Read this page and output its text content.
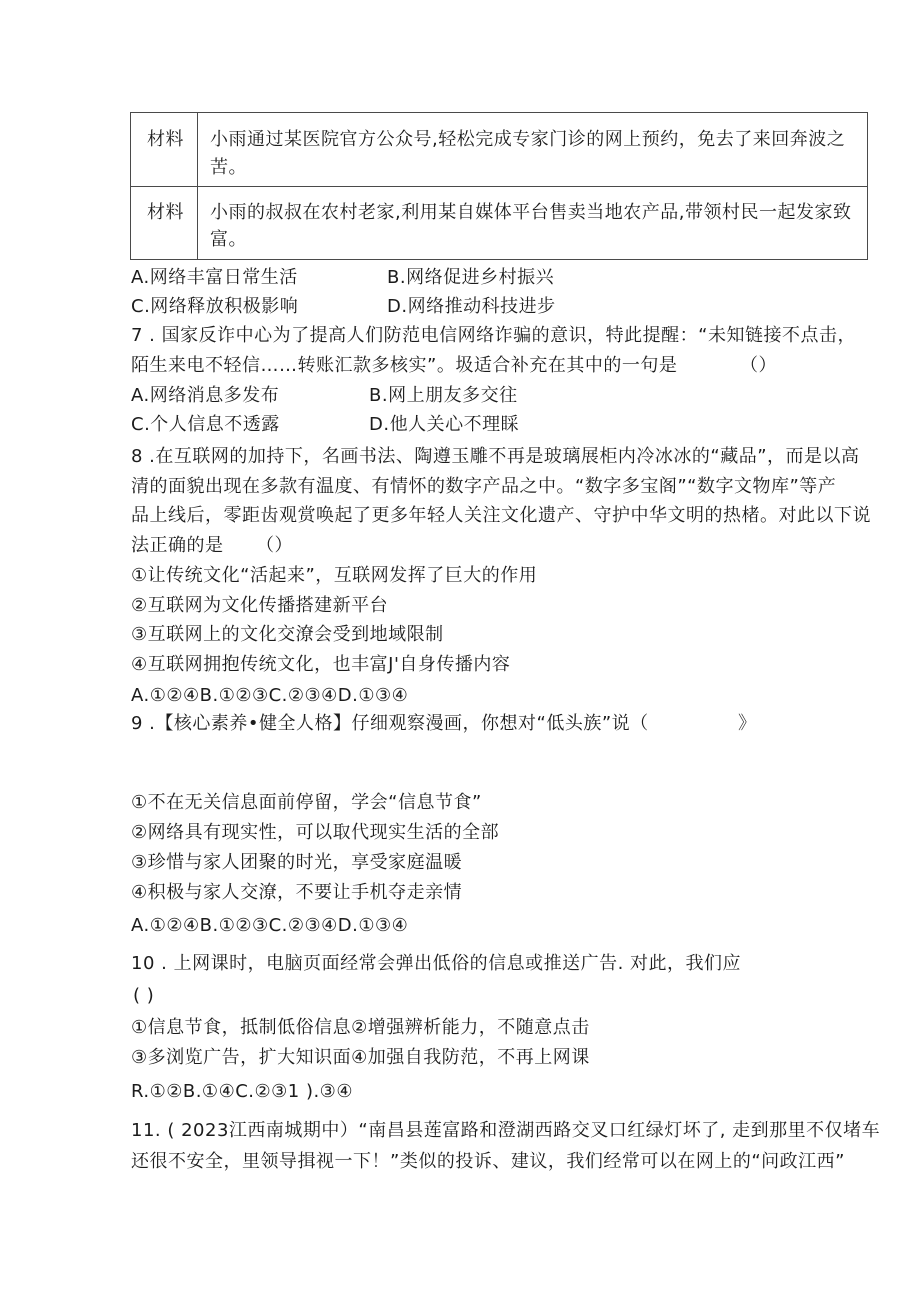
材料 小雨通过某医院官方公众号,轻松完成专家门诊的网上预约，免去了来回奔波之
苦。
材料 小雨的叔叔在农村老家,利用某自媒体平台售卖当地农产品,带领村民一起发家致
富。
A.网络丰富日常生活	B.网络促进乡村振兴
C.网络释放积极影响	D.网络推动科技进步
7 . 国家反诈中心为了提高人们防范电信网络诈骗的意识，特此提醒：“未知链接不点击，
陌生来电不轻信……转账汇款多核实”。圾适合补充在其中的一句是	（）
A.网络消息多发布	B.网上朋友多交往
C.个人信息不透露	D.他人关心不理睬
8 .在互联网的加持下，名画书法、陶遵玉雕不再是玻璃展柜内冷冰冰的“藏品”，而是以高
清的面貌出现在多款有温度、有情怀的数字产品之中。“数字多宝阁”“数字文物库”等产
品上线后，零距齿观赏唤起了更多年轻人关注文化遗产、守护中华文明的热楮。对此以下说
法正确的是 （）
①让传统文化“活起来”，互联网发挥了巨大的作用
②互联网为文化传播搭建新平台
③互联网上的文化交潦会受到地域限制
④互联网拥抱传统文化，也丰富J'自身传播内容
A.①②④B.①②③C.②③④D.①③④
9 .【核心素养•健全人格】仔细观察漫画，你想对“低头族”说（	》
①不在无关信息面前停留，学会“信息节食”
②网络具有现实性，可以取代现实生活的全部
③珍惜与家人团聚的时光，享受家庭温暖
④积极与家人交潦，不要让手机夺走亲情
A.①②④B.①②③C.②③④D.①③④
10 . 上网课时，电脑页面经常会弹出低俗的信息或推送广告. 对此，我们应
( )
①信息节食，抵制低俗信息②增强辨析能力，不随意点击
③多浏览广告，扩大知识面④加强自我防范，不再上网课
R.①②B.①④C.②③1 ).③④
11. ( 2023江西南城期中）“南昌县莲富路和澄湖西路交叉口红绿灯坏了, 走到那里不仅堵车
还很不安全，里领导揖视一下！”类似的投诉、建议，我们经常可以在网上的“问政江西”
